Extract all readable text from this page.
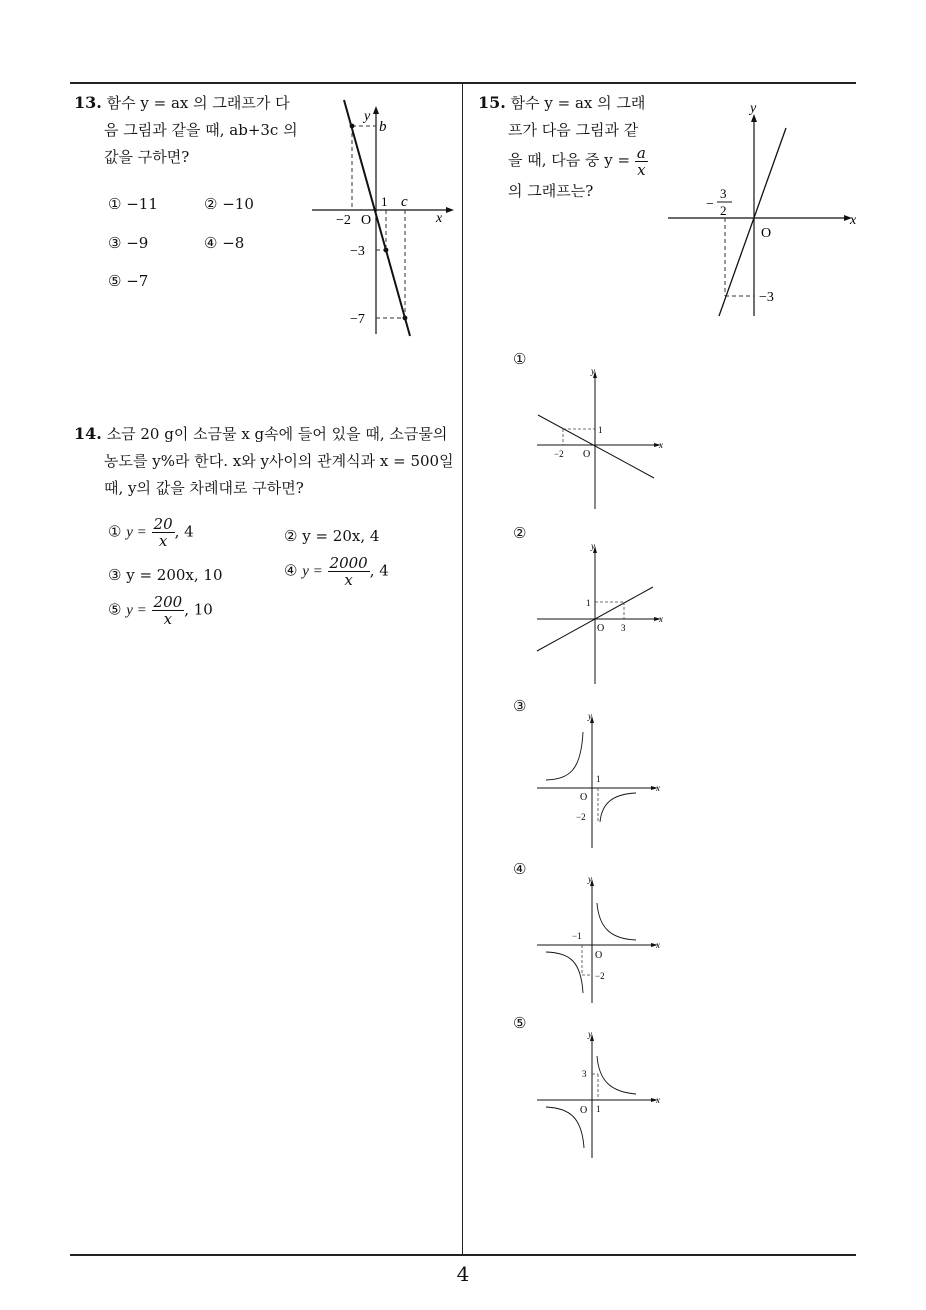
13. 함수 y = ax 의 그래프가 다
음 그림과 같을 때, ab+3c 의
값을 구하면?
① −11	② −10
③ −9	④ −8
⑤ −7
y
x
b
1 c
−2 O
−3
−7
14. 소금 20 g이 소금물 x g속에 들어 있을 때, 소금물의
농도를 y%라 한다. x와 y사이의 관계식과 x = 500일
때, y의 값을 차례대로 구하면?
① $y = \frac{20}{x}$ , 4	② y = 20x, 4
③ y = 200x, 10	④ $y = \frac{2000}{x}$ , 4
⑤ $y = \frac{200}{x}$ , 10
15. 함수 y = ax 의 그래
프가 다음 그림과 같
을 때, 다음 중 $y = \frac{a}{x}$
의 그래프는?
y
x
−
3
2
O
−3
①
y
x
1
−2 O
②
y
x
1
3
O
③
y
x
1
−2
O
④
y
x
−1
−2
O
⑤
y
x
3
1
O
4
